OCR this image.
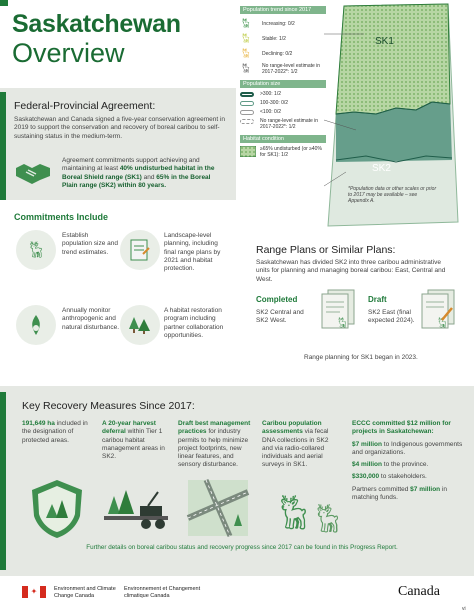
Saskatchewan
Overview	SK1
SK2
*Population data or other scales or prior to 2017 may be available – see Appendix A.
Population trend since 2017
🦌︎	Increasing: 0/2
🦌︎	Stable: 1/2
🦌︎	Declining: 0/2
🦌︎	No range-level estimate in 2017-2022*: 1/2
Population size
>300: 1/2
100-300: 0/2
<100: 0/2
No range-level estimate in 2017-2022*: 1/2
Habitat condition
≥65% undisturbed (or ≥40% for SK1): 1/2
Federal-Provincial Agreement:
Saskatchewan and Canada signed a five-year conservation agreement in 2019 to support the conservation and recovery of boreal caribou to self-sustaining status in the medium-term.
Agreement commitments support achieving and maintaining at least 40% undisturbed habitat in the Boreal Shield range (SK1) and 65% in the Boreal Plain range (SK2) within 80 years.
Commitments Include
🦌︎
Establish population size and trend estimates.
Landscape-level planning, including final range plans by 2021 and habitat protection.
Annually monitor anthropogenic and natural disturbance.
A habitat restoration program including partner collaboration opportunities.
Range Plans or Similar Plans:
Saskatchewan has divided SK2 into three caribou administrative units for planning and managing boreal caribou: East, Central and West.
Completed
🦌︎
SK2 Central and SK2 West.
Draft
🦌︎
SK2 East (final expected 2024).
Range planning for SK1 began in 2023.
Key Recovery Measures Since 2017:
191,649 ha included in the designation of protected areas.
A 20-year harvest deferral within Tier 1 caribou habitat management areas in SK2.
Draft best management practices for industry permits to help minimize project footprints, new linear features, and sensory disturbance.
Caribou population assessments via fecal DNA collections in SK2 and via radio-collared individuals and aerial surveys in SK1.
ECCC committed $12 million for projects in Saskatchewan:
$7 million to Indigenous governments and organizations.
$4 million to the province.
$330,000 to stakeholders.
Partners committed $7 million in matching funds.
🦌︎
🦌︎
Further details on boreal caribou status and recovery progress since 2017 can be found in this Progress Report.
✦	Environment and Climate Change Canada
Environnement et Changement climatique Canada	Canada
vi
